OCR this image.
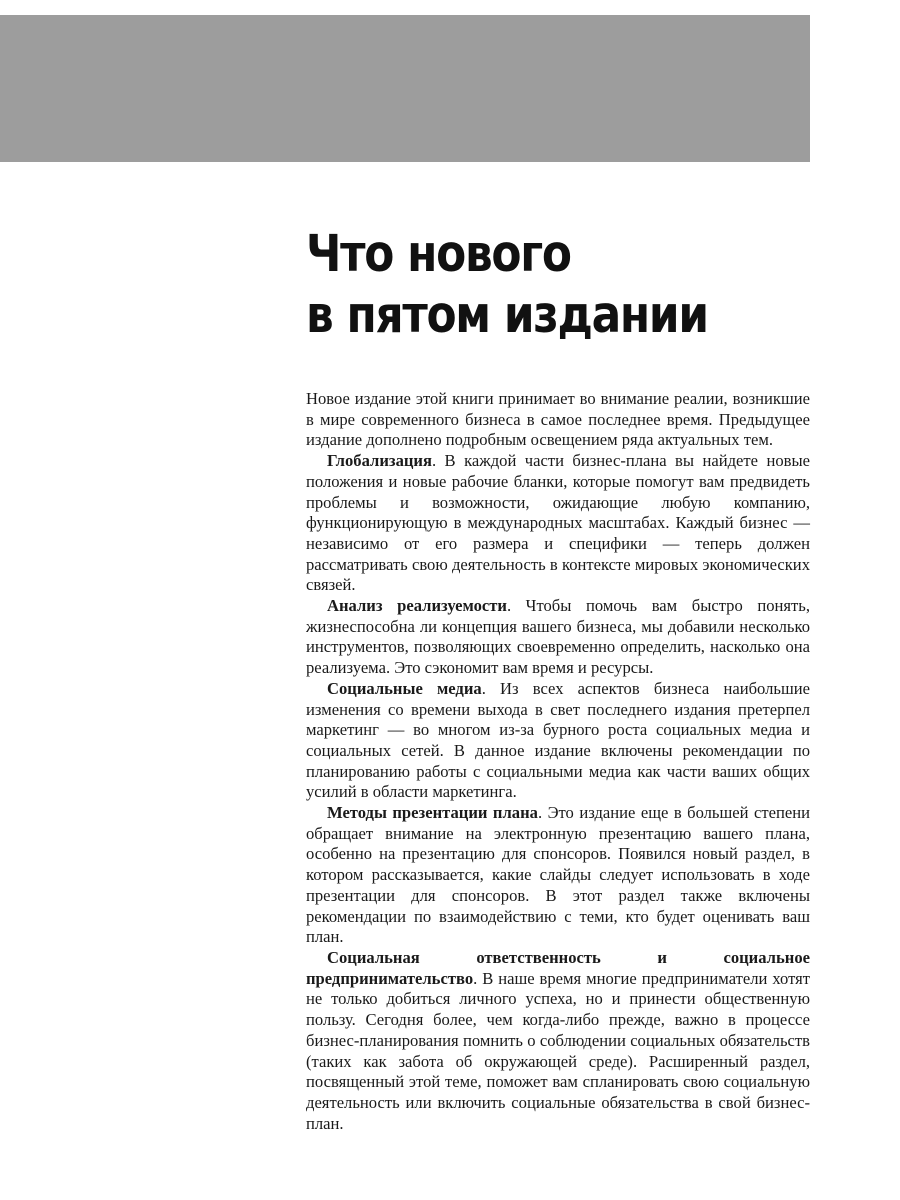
Что нового
в пятом издании

Новое издание этой книги принимает во внимание реалии, возникшие в мире современного бизнеса в самое последнее время. Предыдущее издание дополнено подробным освещением ряда актуальных тем.

Глобализация. В каждой части бизнес-плана вы найдете новые положения и новые рабочие бланки, которые помогут вам предвидеть проблемы и возможности, ожидающие любую компанию, функционирующую в международных масштабах. Каждый бизнес — независимо от его размера и специфики — теперь должен рассматривать свою деятельность в контексте мировых экономических связей.

Анализ реализуемости. Чтобы помочь вам быстро понять, жизнеспособна ли концепция вашего бизнеса, мы добавили несколько инструментов, позволяющих своевременно определить, насколько она реализуема. Это сэкономит вам время и ресурсы.

Социальные медиа. Из всех аспектов бизнеса наибольшие изменения со времени выхода в свет последнего издания претерпел маркетинг — во многом из-за бурного роста социальных медиа и социальных сетей. В данное издание включены рекомендации по планированию работы с социальными медиа как части ваших общих усилий в области маркетинга.

Методы презентации плана. Это издание еще в большей степени обращает внимание на электронную презентацию вашего плана, особенно на презентацию для спонсоров. Появился новый раздел, в котором рассказывается, какие слайды следует использовать в ходе презентации для спонсоров. В этот раздел также включены рекомендации по взаимодействию с теми, кто будет оценивать ваш план.

Социальная ответственность и социальное предпринимательство. В наше время многие предприниматели хотят не только добиться личного успеха, но и принести общественную пользу. Сегодня более, чем когда-либо прежде, важно в процессе бизнес-планирования помнить о соблюдении социальных обязательств (таких как забота об окружающей среде). Расширенный раздел, посвященный этой теме, поможет вам спланировать свою социальную деятельность или включить социальные обязательства в свой бизнес-план.
